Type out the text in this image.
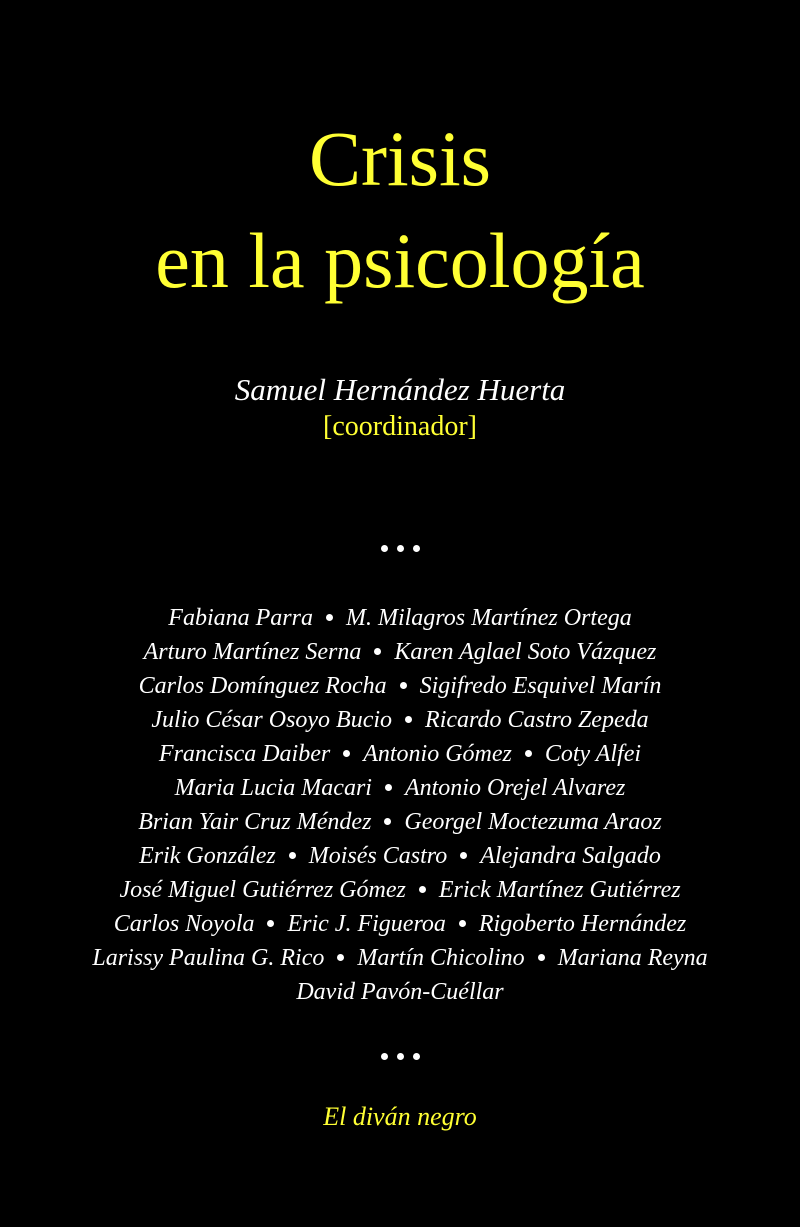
Crisis
en la psicología
Samuel Hernández Huerta
[coordinador]
Fabiana Parra M. Milagros Martínez Ortega
Arturo Martínez Serna Karen Aglael Soto Vázquez
Carlos Domínguez Rocha Sigifredo Esquivel Marín
Julio César Osoyo Bucio Ricardo Castro Zepeda
Francisca Daiber Antonio Gómez Coty Alfei
Maria Lucia Macari Antonio Orejel Alvarez
Brian Yair Cruz Méndez Georgel Moctezuma Araoz
Erik González Moisés Castro Alejandra Salgado
José Miguel Gutiérrez Gómez Erick Martínez Gutiérrez
Carlos Noyola Eric J. Figueroa Rigoberto Hernández
Larissy Paulina G. Rico Martín Chicolino Mariana Reyna
David Pavón-Cuéllar
El diván negro
